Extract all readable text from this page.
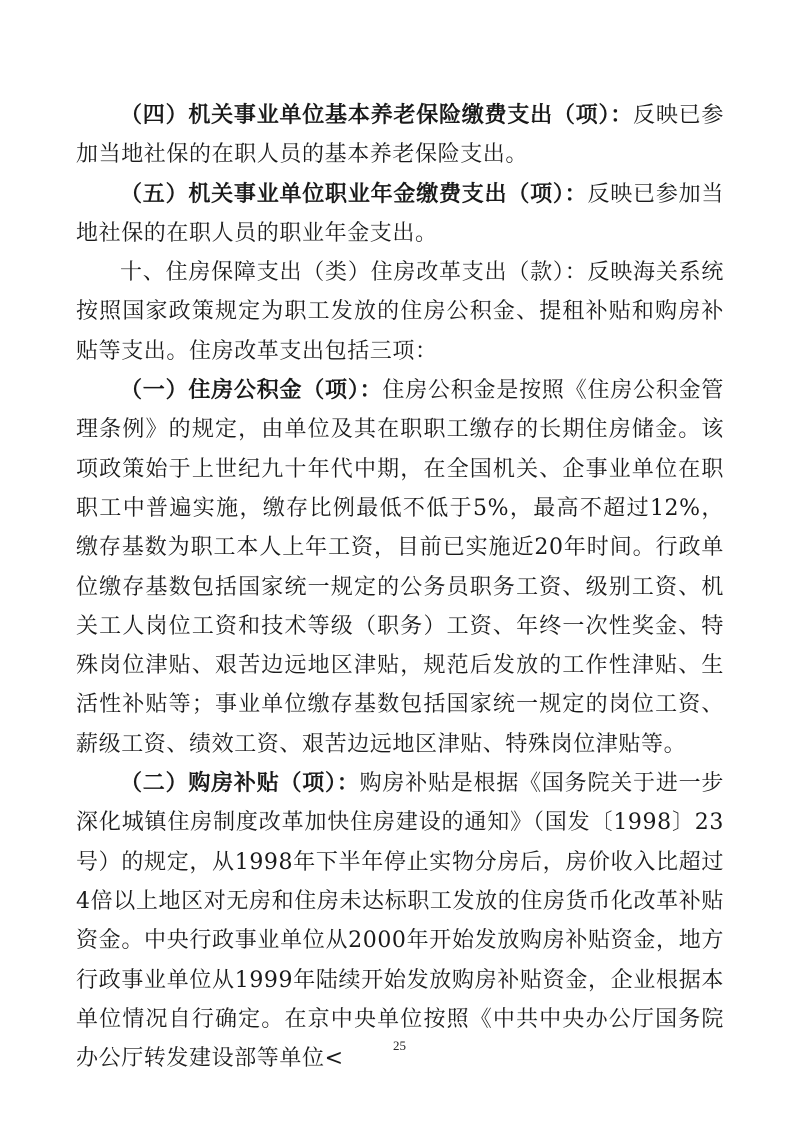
（四）机关事业单位基本养老保险缴费支出（项）：反映已参加当地社保的在职人员的基本养老保险支出。

（五）机关事业单位职业年金缴费支出（项）：反映已参加当地社保的在职人员的职业年金支出。

十、住房保障支出（类）住房改革支出（款）：反映海关系统按照国家政策规定为职工发放的住房公积金、提租补贴和购房补贴等支出。住房改革支出包括三项：

（一）住房公积金（项）：住房公积金是按照《住房公积金管理条例》的规定，由单位及其在职职工缴存的长期住房储金。该项政策始于上世纪九十年代中期，在全国机关、企事业单位在职职工中普遍实施，缴存比例最低不低于5%，最高不超过12%，缴存基数为职工本人上年工资，目前已实施近20年时间。行政单位缴存基数包括国家统一规定的公务员职务工资、级别工资、机关工人岗位工资和技术等级（职务）工资、年终一次性奖金、特殊岗位津贴、艰苦边远地区津贴，规范后发放的工作性津贴、生活性补贴等；事业单位缴存基数包括国家统一规定的岗位工资、薪级工资、绩效工资、艰苦边远地区津贴、特殊岗位津贴等。

（二）购房补贴（项）：购房补贴是根据《国务院关于进一步深化城镇住房制度改革加快住房建设的通知》（国发〔1998〕23号）的规定，从1998年下半年停止实物分房后，房价收入比超过4倍以上地区对无房和住房未达标职工发放的住房货币化改革补贴资金。中央行政事业单位从2000年开始发放购房补贴资金，地方行政事业单位从1999年陆续开始发放购房补贴资金，企业根据本单位情况自行确定。在京中央单位按照《中共中央办公厅国务院办公厅转发建设部等单位<

25
